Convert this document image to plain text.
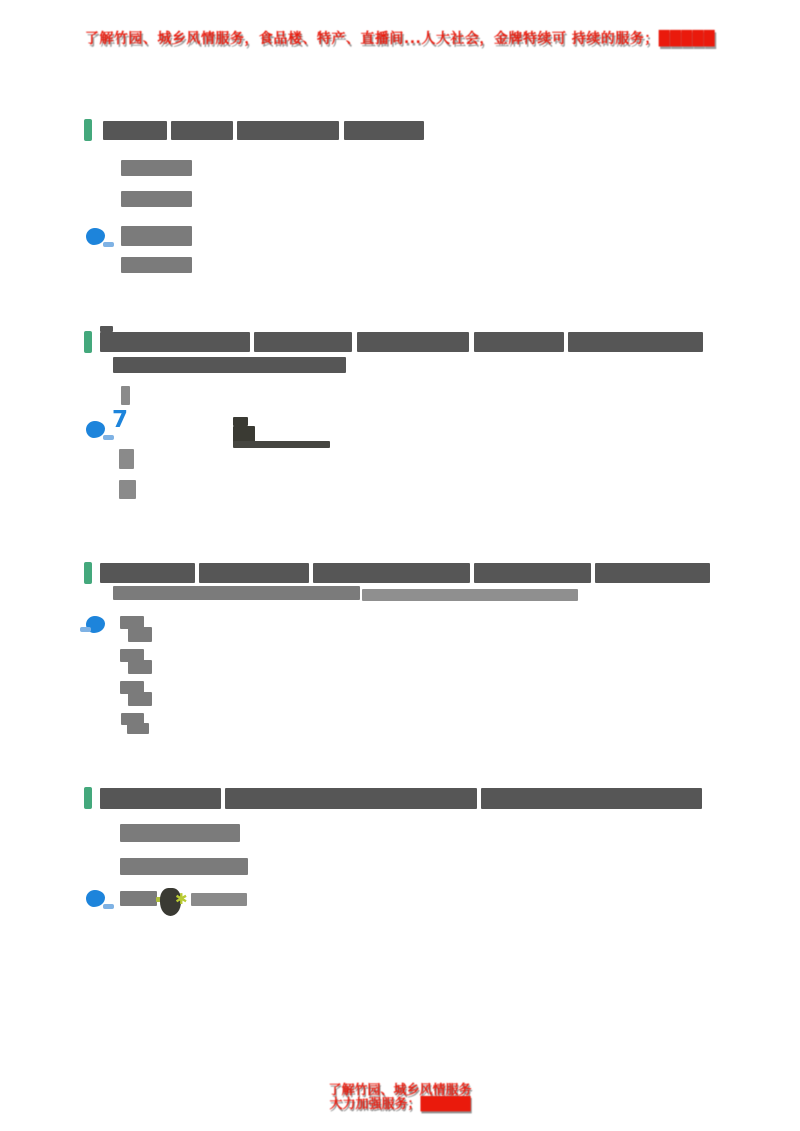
了解竹园、城乡风情服务，食品楼、特产、直播间...人大社会，金牌特续可 持续的服务；█████
7
✱
了解竹园、城乡风情服务
大力加强服务；█████
